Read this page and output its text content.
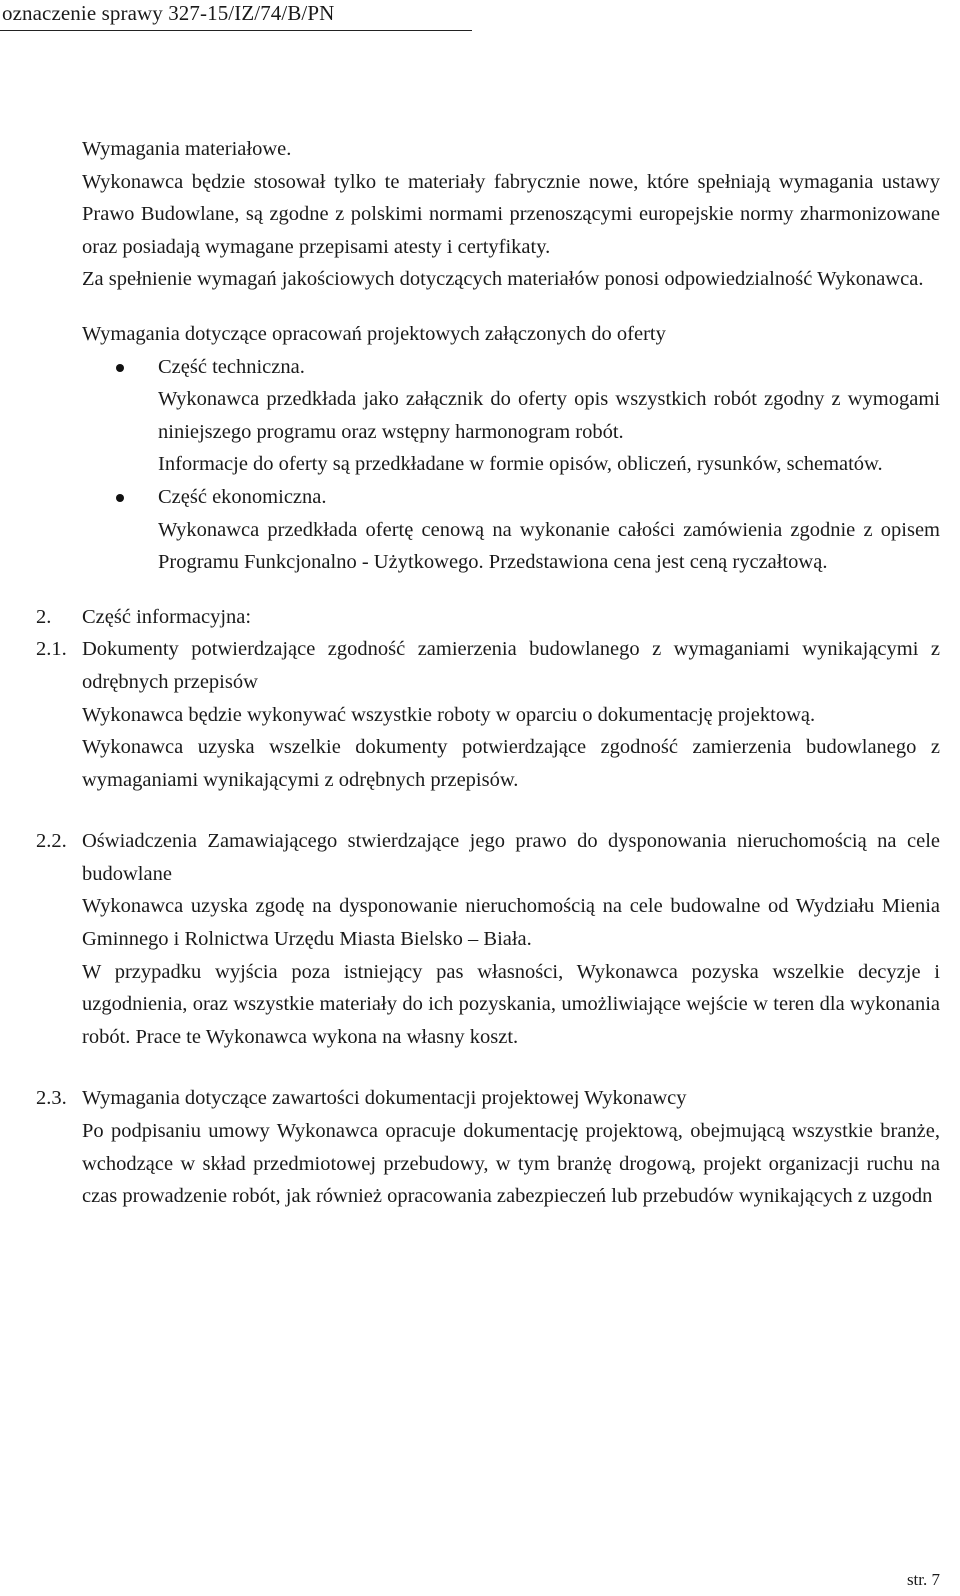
oznaczenie sprawy 327-15/IZ/74/B/PN

Wymagania materiałowe.

Wykonawca będzie stosował tylko te materiały fabrycznie nowe, które spełniają wymagania ustawy Prawo Budowlane, są zgodne z polskimi normami przenoszącymi europejskie normy zharmonizowane oraz posiadają wymagane przepisami atesty i certyfikaty.

Za spełnienie wymagań jakościowych dotyczących materiałów ponosi odpowiedzialność Wykonawca.

Wymagania dotyczące opracowań projektowych załączonych do oferty

Część techniczna.

Wykonawca przedkłada jako załącznik do oferty opis wszystkich robót zgodny z wymogami niniejszego programu oraz wstępny harmonogram robót.

Informacje do oferty są przedkładane w formie opisów, obliczeń, rysunków, schematów.

Część ekonomiczna.

Wykonawca przedkłada ofertę cenową na wykonanie całości zamówienia zgodnie z opisem Programu Funkcjonalno - Użytkowego. Przedstawiona cena jest ceną ryczałtową.

2. Część informacyjna:

2.1. Dokumenty potwierdzające zgodność zamierzenia budowlanego z wymaganiami wynikającymi z odrębnych przepisów

Wykonawca będzie wykonywać wszystkie roboty w oparciu o dokumentację projektową.

Wykonawca uzyska wszelkie dokumenty potwierdzające zgodność zamierzenia budowlanego z wymaganiami wynikającymi z odrębnych przepisów.

2.2. Oświadczenia Zamawiającego stwierdzające jego prawo do dysponowania nieruchomością na cele budowlane

Wykonawca uzyska zgodę na dysponowanie nieruchomością na cele budowalne od Wydziału Mienia Gminnego i Rolnictwa Urzędu Miasta Bielsko – Biała.

W przypadku wyjścia poza istniejący pas własności, Wykonawca pozyska wszelkie decyzje i uzgodnienia, oraz wszystkie materiały do ich pozyskania, umożliwiające wejście w teren dla wykonania robót. Prace te Wykonawca wykona na własny koszt.

2.3. Wymagania dotyczące zawartości dokumentacji projektowej Wykonawcy

Po podpisaniu umowy Wykonawca opracuje dokumentację projektową, obejmującą wszystkie branże, wchodzące w skład przedmiotowej przebudowy, w tym branżę drogową, projekt organizacji ruchu na czas prowadzenie robót, jak również opracowania zabezpieczeń lub przebudów wynikających z uzgodn

str. 7
